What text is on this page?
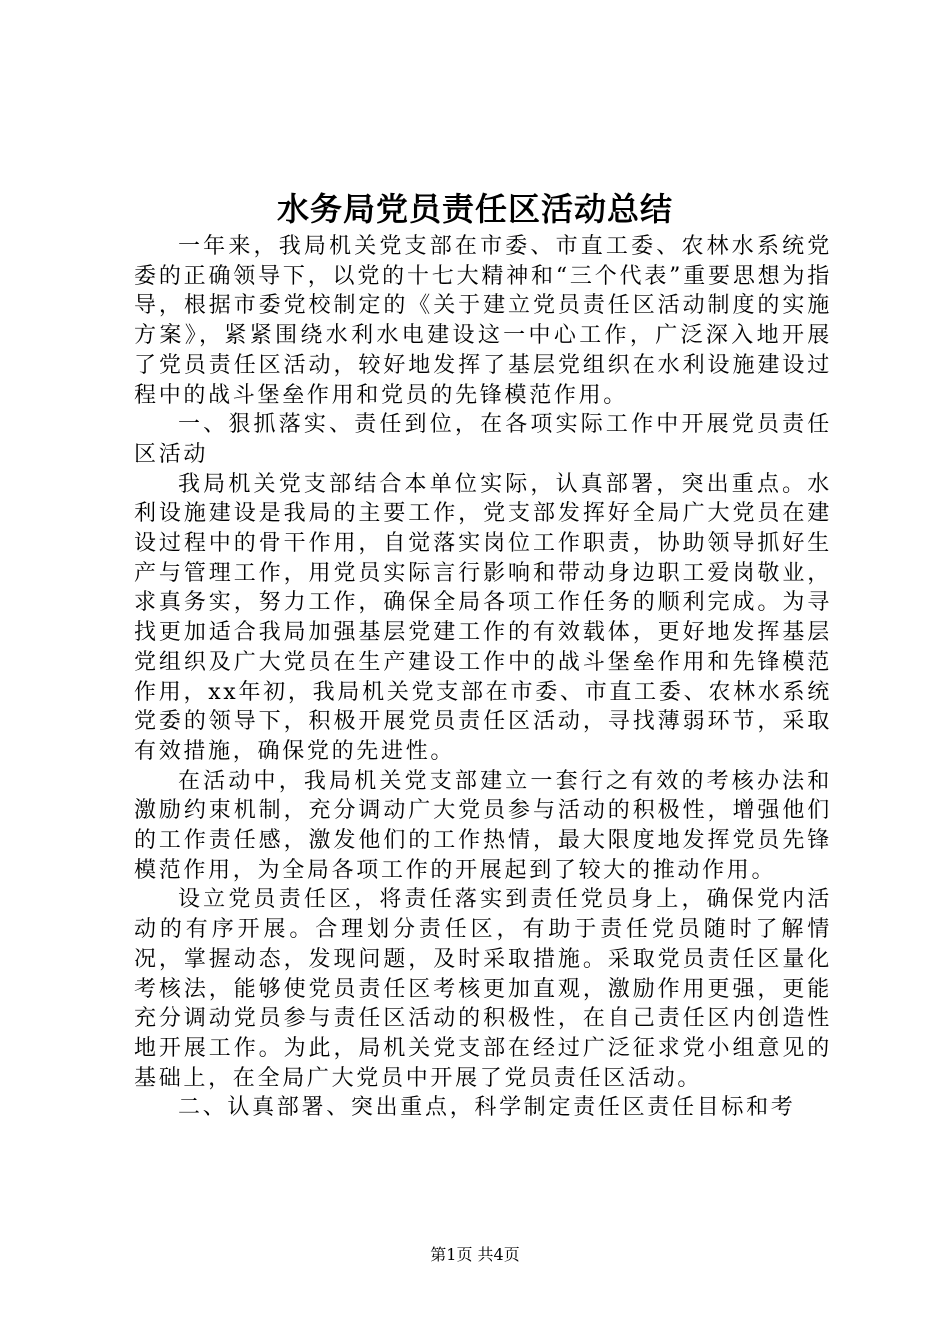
水务局党员责任区活动总结

一年来，我局机关党支部在市委、市直工委、农林水系统党委的正确领导下，以党的十七大精神和“三个代表”重要思想为指导，根据市委党校制定的《关于建立党员责任区活动制度的实施方案》，紧紧围绕水利水电建设这一中心工作，广泛深入地开展了党员责任区活动，较好地发挥了基层党组织在水利设施建设过程中的战斗堡垒作用和党员的先锋模范作用。

一、狠抓落实、责任到位，在各项实际工作中开展党员责任区活动

我局机关党支部结合本单位实际，认真部署，突出重点。水利设施建设是我局的主要工作，党支部发挥好全局广大党员在建设过程中的骨干作用，自觉落实岗位工作职责，协助领导抓好生产与管理工作，用党员实际言行影响和带动身边职工爱岗敬业，求真务实，努力工作，确保全局各项工作任务的顺利完成。为寻找更加适合我局加强基层党建工作的有效载体，更好地发挥基层党组织及广大党员在生产建设工作中的战斗堡垒作用和先锋模范作用，xx年初，我局机关党支部在市委、市直工委、农林水系统党委的领导下，积极开展党员责任区活动，寻找薄弱环节，采取有效措施，确保党的先进性。

在活动中，我局机关党支部建立一套行之有效的考核办法和激励约束机制，充分调动广大党员参与活动的积极性，增强他们的工作责任感，激发他们的工作热情，最大限度地发挥党员先锋模范作用，为全局各项工作的开展起到了较大的推动作用。

设立党员责任区，将责任落实到责任党员身上，确保党内活动的有序开展。合理划分责任区，有助于责任党员随时了解情况，掌握动态，发现问题，及时采取措施。采取党员责任区量化考核法，能够使党员责任区考核更加直观，激励作用更强，更能充分调动党员参与责任区活动的积极性，在自己责任区内创造性地开展工作。为此，局机关党支部在经过广泛征求党小组意见的基础上，在全局广大党员中开展了党员责任区活动。

二、认真部署、突出重点，科学制定责任区责任目标和考

第1页 共4页
